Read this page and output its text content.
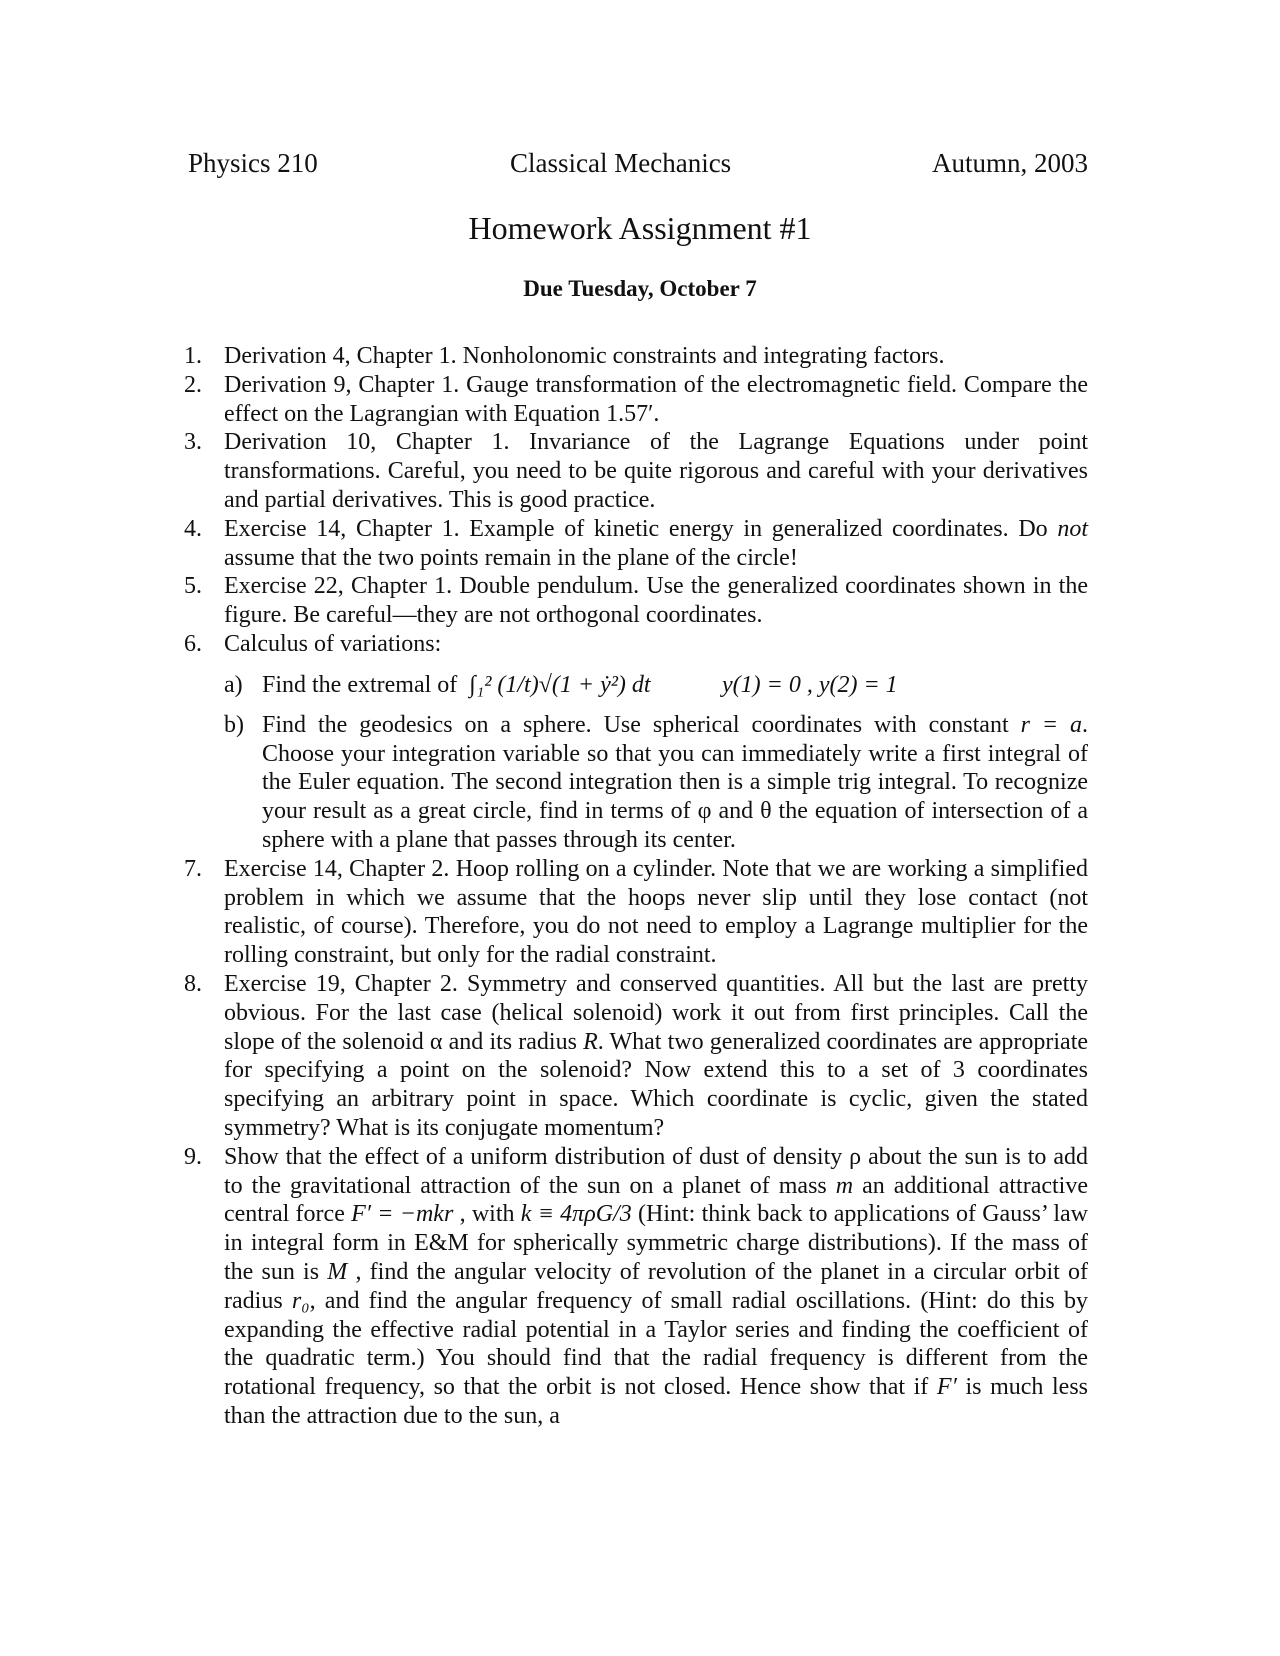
Physics 210	Classical Mechanics	Autumn, 2003
Homework Assignment #1
Due Tuesday, October 7
1. Derivation 4, Chapter 1. Nonholonomic constraints and integrating factors.
2. Derivation 9, Chapter 1. Gauge transformation of the electromagnetic field. Compare the effect on the Lagrangian with Equation 1.57′.
3. Derivation 10, Chapter 1. Invariance of the Lagrange Equations under point transformations. Careful, you need to be quite rigorous and careful with your derivatives and partial derivatives. This is good practice.
4. Exercise 14, Chapter 1. Example of kinetic energy in generalized coordinates. Do not assume that the two points remain in the plane of the circle!
5. Exercise 22, Chapter 1. Double pendulum. Use the generalized coordinates shown in the figure. Be careful—they are not orthogonal coordinates.
6. Calculus of variations:
a) Find the extremal of ∫₁² (1/t)√(1 + ẏ²) dt	y(1) = 0 , y(2) = 1
b) Find the geodesics on a sphere. Use spherical coordinates with constant r = a. Choose your integration variable so that you can immediately write a first integral of the Euler equation. The second integration then is a simple trig integral. To recognize your result as a great circle, find in terms of φ and θ the equation of intersection of a sphere with a plane that passes through its center.
7. Exercise 14, Chapter 2. Hoop rolling on a cylinder. Note that we are working a simplified problem in which we assume that the hoops never slip until they lose contact (not realistic, of course). Therefore, you do not need to employ a Lagrange multiplier for the rolling constraint, but only for the radial constraint.
8. Exercise 19, Chapter 2. Symmetry and conserved quantities. All but the last are pretty obvious. For the last case (helical solenoid) work it out from first principles. Call the slope of the solenoid α and its radius R. What two generalized coordinates are appropriate for specifying a point on the solenoid? Now extend this to a set of 3 coordinates specifying an arbitrary point in space. Which coordinate is cyclic, given the stated symmetry? What is its conjugate momentum?
9. Show that the effect of a uniform distribution of dust of density ρ about the sun is to add to the gravitational attraction of the sun on a planet of mass m an additional attractive central force F′ = −mkr , with k ≡ 4πρG/3 (Hint: think back to applications of Gauss’ law in integral form in E&M for spherically symmetric charge distributions). If the mass of the sun is M , find the angular velocity of revolution of the planet in a circular orbit of radius r₀, and find the angular frequency of small radial oscillations. (Hint: do this by expanding the effective radial potential in a Taylor series and finding the coefficient of the quadratic term.) You should find that the radial frequency is different from the rotational frequency, so that the orbit is not closed. Hence show that if F′ is much less than the attraction due to the sun, a
